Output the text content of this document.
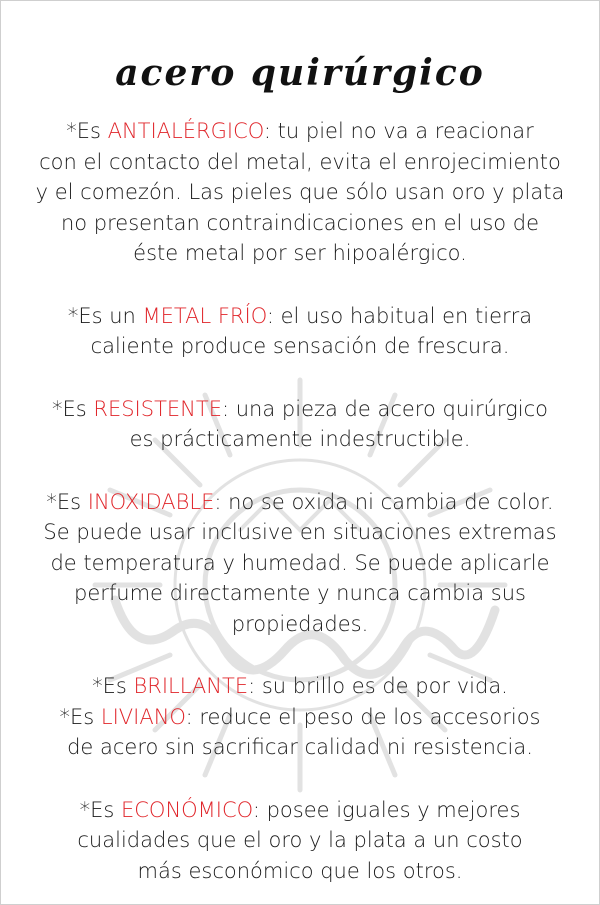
acero quirúrgico
*Es ANTIALÉRGICO: tu piel no va a reacionar
con el contacto del metal, evita el enrojecimiento
y el comezón. Las pieles que sólo usan oro y plata
no presentan contraindicaciones en el uso de
éste metal por ser hipoalérgico.
*Es un METAL FRÍO: el uso habitual en tierra
caliente produce sensación de frescura.
*Es RESISTENTE: una pieza de acero quirúrgico
es prácticamente indestructible.
*Es INOXIDABLE: no se oxida ni cambia de color.
Se puede usar inclusive en situaciones extremas
de temperatura y humedad. Se puede aplicarle
perfume directamente y nunca cambia sus
propiedades.
*Es BRILLANTE: su brillo es de por vida.
*Es LIVIANO: reduce el peso de los accesorios
de acero sin sacrificar calidad ni resistencia.
*Es ECONÓMICO: posee iguales y mejores
cualidades que el oro y la plata a un costo
más esconómico que los otros.
